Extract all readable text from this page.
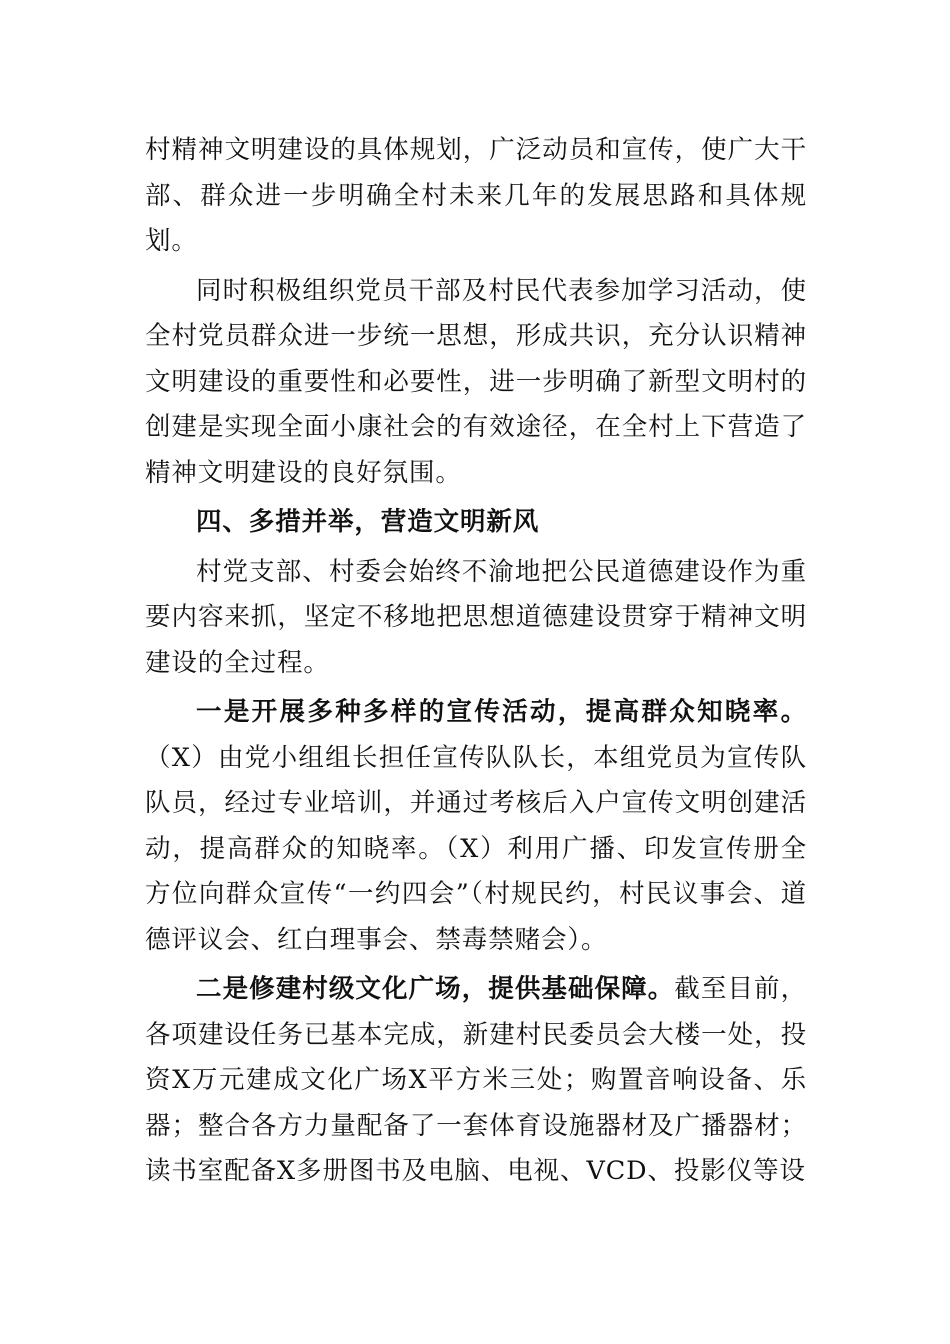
村精神文明建设的具体规划，广泛动员和宣传，使广大干部、群众进一步明确全村未来几年的发展思路和具体规划。

同时积极组织党员干部及村民代表参加学习活动，使全村党员群众进一步统一思想，形成共识，充分认识精神文明建设的重要性和必要性，进一步明确了新型文明村的创建是实现全面小康社会的有效途径，在全村上下营造了精神文明建设的良好氛围。

四、多措并举，营造文明新风

村党支部、村委会始终不渝地把公民道德建设作为重要内容来抓，坚定不移地把思想道德建设贯穿于精神文明建设的全过程。

一是开展多种多样的宣传活动，提高群众知晓率。（X）由党小组组长担任宣传队队长，本组党员为宣传队队员，经过专业培训，并通过考核后入户宣传文明创建活动，提高群众的知晓率。（X）利用广播、印发宣传册全方位向群众宣传“一约四会”（村规民约，村民议事会、道德评议会、红白理事会、禁毒禁赌会）。

二是修建村级文化广场，提供基础保障。截至目前，各项建设任务已基本完成，新建村民委员会大楼一处，投资X万元建成文化广场X平方米三处；购置音响设备、乐器；整合各方力量配备了一套体育设施器材及广播器材；读书室配备X多册图书及电脑、电视、VCD、投影仪等设
